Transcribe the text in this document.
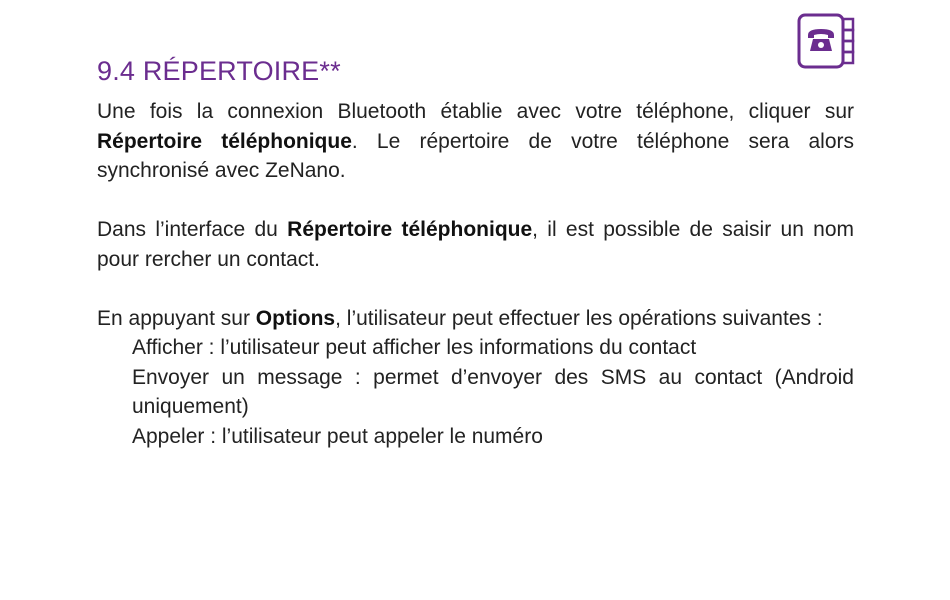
9.4 RÉPERTOIRE**

Une fois la connexion Bluetooth établie avec votre téléphone, cliquer sur Répertoire téléphonique. Le répertoire de votre téléphone sera alors synchronisé avec ZeNano.

Dans l’interface du Répertoire téléphonique, il est possible de saisir un nom pour rercher un contact.

En appuyant sur Options, l’utilisateur peut effectuer les opérations suivantes :

Afficher : l’utilisateur peut afficher les informations du contact
Envoyer un message : permet d’envoyer des SMS au contact (Android uniquement)
Appeler : l’utilisateur peut appeler le numéro
